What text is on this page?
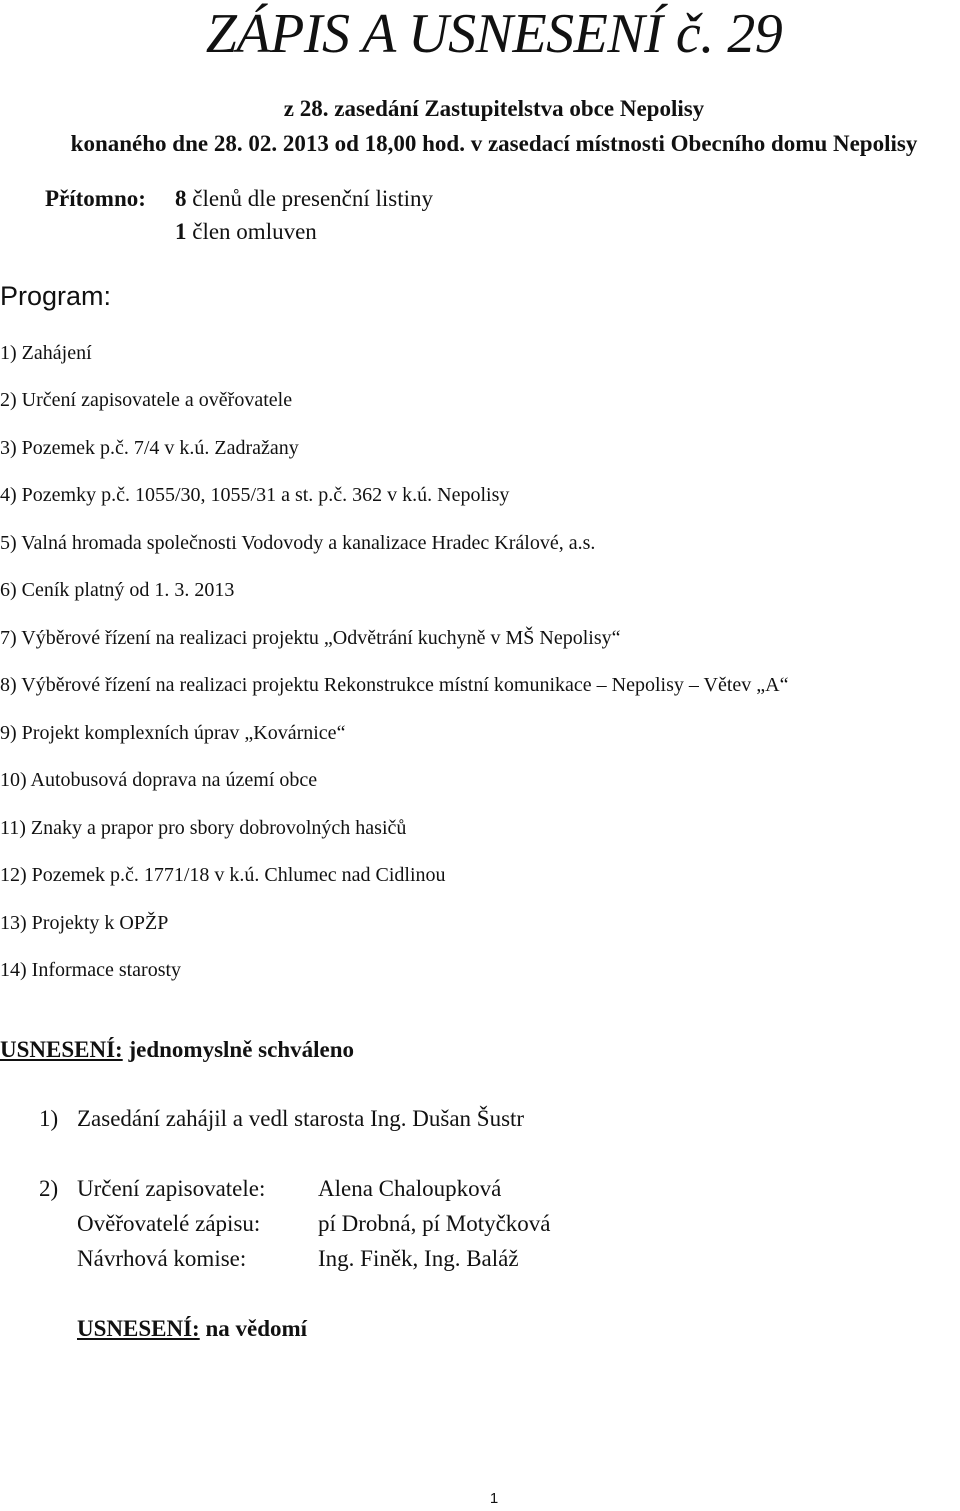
ZÁPIS A USNESENÍ č. 29
z 28. zasedání Zastupitelstva obce Nepolisy
konaného dne 28. 02. 2013 od 18,00 hod. v zasedací místnosti Obecního domu Nepolisy
Přítomno: 8 členů dle presenční listiny
1 člen omluven
Program:
1) Zahájení
2) Určení zapisovatele a ověřovatele
3) Pozemek p.č. 7/4 v k.ú. Zadražany
4) Pozemky p.č. 1055/30, 1055/31 a st. p.č. 362 v k.ú. Nepolisy
5) Valná hromada společnosti Vodovody a kanalizace Hradec Králové, a.s.
6) Ceník platný od 1. 3. 2013
7) Výběrové řízení na realizaci projektu „Odvětrání kuchyně v MŠ Nepolisy“
8) Výběrové řízení na realizaci projektu Rekonstrukce místní komunikace – Nepolisy – Větev „A“
9) Projekt komplexních úprav „Kovárnice“
10) Autobusová doprava na území obce
11) Znaky a prapor pro sbory dobrovolných hasičů
12) Pozemek p.č. 1771/18 v k.ú. Chlumec nad Cidlinou
13) Projekty k OPŽP
14) Informace starosty
USNESENÍ: jednomyslně schváleno
1) Zasedání zahájil a vedl starosta Ing. Dušan Šustr
2) Určení zapisovatele: Alena Chaloupková
Ověřovatelé zápisu:	pí Drobná, pí Motyčková
Návrhová komise:	Ing. Finěk, Ing. Baláž
USNESENÍ: na vědomí
1
